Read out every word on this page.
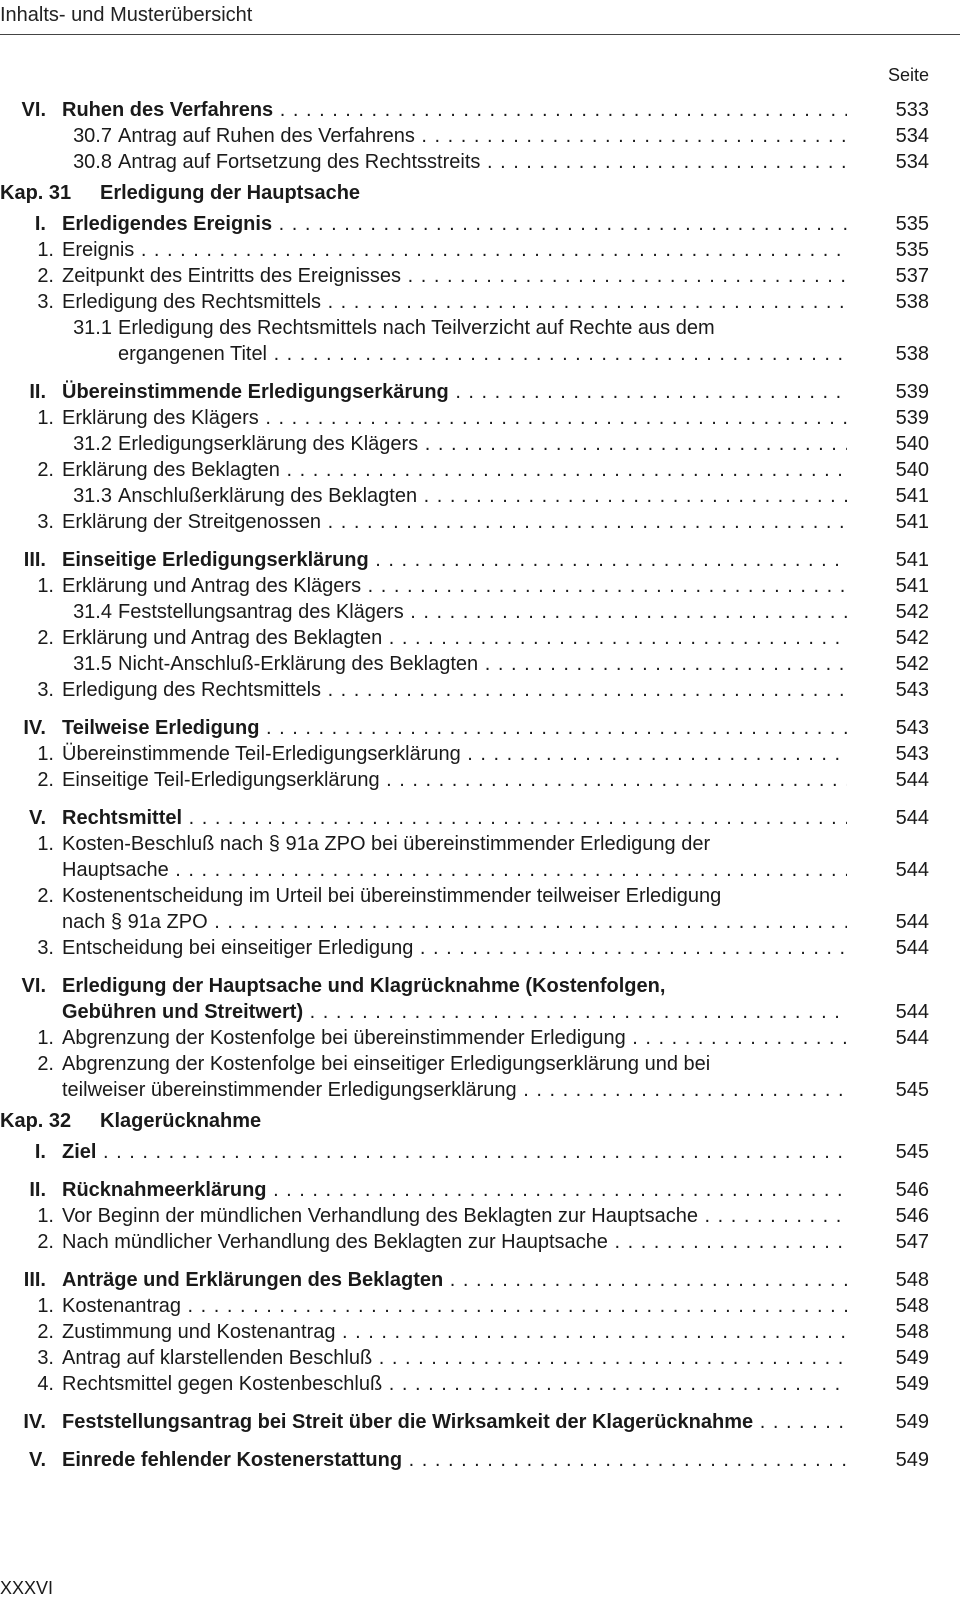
Inhalts- und Musterübersicht
Seite
VI. Ruhen des Verfahrens . . .	533
30.7 Antrag auf Ruhen des Verfahrens . . .	534
30.8 Antrag auf Fortsetzung des Rechtsstreits . . .	534
Kap. 31 Erledigung der Hauptsache
I. Erledigendes Ereignis . . .	535
1. Ereignis . . .	535
2. Zeitpunkt des Eintritts des Ereignisses . . .	537
3. Erledigung des Rechtsmittels . . .	538
31.1 Erledigung des Rechtsmittels nach Teilverzicht auf Rechte aus dem
ergangenen Titel . . .	538
II. Übereinstimmende Erledigungserkärung . . .	539
1. Erklärung des Klägers . . .	539
31.2 Erledigungserklärung des Klägers . . .	540
2. Erklärung des Beklagten . . .	540
31.3 Anschlußerklärung des Beklagten . . .	541
3. Erklärung der Streitgenossen . . .	541
III. Einseitige Erledigungserklärung . . .	541
1. Erklärung und Antrag des Klägers . . .	541
31.4 Feststellungsantrag des Klägers . . .	542
2. Erklärung und Antrag des Beklagten . . .	542
31.5 Nicht-Anschluß-Erklärung des Beklagten . . .	542
3. Erledigung des Rechtsmittels . . .	543
IV. Teilweise Erledigung . . .	543
1. Übereinstimmende Teil-Erledigungserklärung . . .	543
2. Einseitige Teil-Erledigungserklärung . . .	544
V. Rechtsmittel . . .	544
1. Kosten-Beschluß nach § 91a ZPO bei übereinstimmender Erledigung der
Hauptsache . . .	544
2. Kostenentscheidung im Urteil bei übereinstimmender teilweiser Erledigung
nach § 91a ZPO . . .	544
3. Entscheidung bei einseitiger Erledigung . . .	544
VI. Erledigung der Hauptsache und Klagrücknahme (Kostenfolgen,
Gebühren und Streitwert) . . .	544
1. Abgrenzung der Kostenfolge bei übereinstimmender Erledigung . . .	544
2. Abgrenzung der Kostenfolge bei einseitiger Erledigungserklärung und bei
teilweiser übereinstimmender Erledigungserklärung . . .	545
Kap. 32 Klagerücknahme
I. Ziel . . .	545
II. Rücknahmeerklärung . . .	546
1. Vor Beginn der mündlichen Verhandlung des Beklagten zur Hauptsache . . .	546
2. Nach mündlicher Verhandlung des Beklagten zur Hauptsache . . .	547
III. Anträge und Erklärungen des Beklagten . . .	548
1. Kostenantrag . . .	548
2. Zustimmung und Kostenantrag . . .	548
3. Antrag auf klarstellenden Beschluß . . .	549
4. Rechtsmittel gegen Kostenbeschluß . . .	549
IV. Feststellungsantrag bei Streit über die Wirksamkeit der Klagerücknahme . . .	549
V. Einrede fehlender Kostenerstattung . . .	549
XXXVI
